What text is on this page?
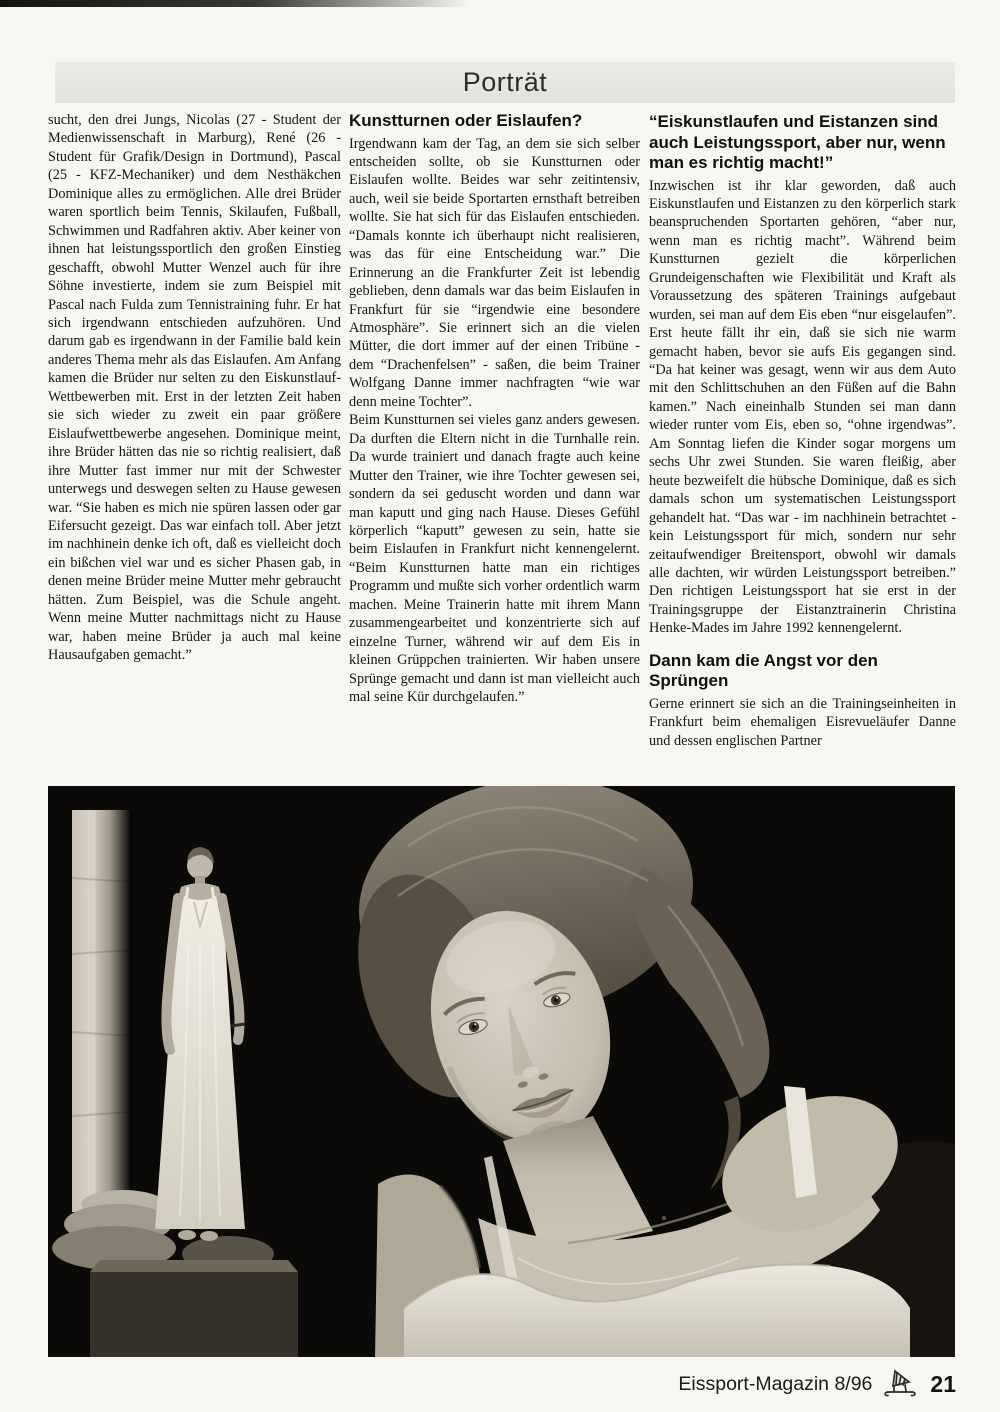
Porträt

sucht, den drei Jungs, Nicolas (27 - Student der Medienwissenschaft in Marburg), René (26 - Student für Grafik/Design in Dortmund), Pascal (25 - KFZ-Mechaniker) und dem Nesthäkchen Dominique alles zu ermöglichen. Alle drei Brüder waren sportlich beim Tennis, Skilaufen, Fußball, Schwimmen und Radfahren aktiv. Aber keiner von ihnen hat leistungssportlich den großen Einstieg geschafft, obwohl Mutter Wenzel auch für ihre Söhne investierte, indem sie zum Beispiel mit Pascal nach Fulda zum Tennistraining fuhr. Er hat sich irgendwann entschieden aufzuhören. Und darum gab es irgendwann in der Familie bald kein anderes Thema mehr als das Eislaufen. Am Anfang kamen die Brüder nur selten zu den Eiskunstlauf-Wettbewerben mit. Erst in der letzten Zeit haben sie sich wieder zu zweit ein paar größere Eislaufwettbewerbe angesehen. Dominique meint, ihre Brüder hätten das nie so richtig realisiert, daß ihre Mutter fast immer nur mit der Schwester unterwegs und deswegen selten zu Hause gewesen war. “Sie haben es mich nie spüren lassen oder gar Eifersucht gezeigt. Das war einfach toll. Aber jetzt im nachhinein denke ich oft, daß es vielleicht doch ein bißchen viel war und es sicher Phasen gab, in denen meine Brüder meine Mutter mehr gebraucht hätten. Zum Beispiel, was die Schule angeht. Wenn meine Mutter nachmittags nicht zu Hause war, haben meine Brüder ja auch mal keine Hausaufgaben gemacht.”

Kunstturnen oder Eislaufen?

Irgendwann kam der Tag, an dem sie sich selber entscheiden sollte, ob sie Kunstturnen oder Eislaufen wollte. Beides war sehr zeitintensiv, auch, weil sie beide Sportarten ernsthaft betreiben wollte. Sie hat sich für das Eislaufen entschieden. “Damals konnte ich überhaupt nicht realisieren, was das für eine Entscheidung war.” Die Erinnerung an die Frankfurter Zeit ist lebendig geblieben, denn damals war das beim Eislaufen in Frankfurt für sie “irgendwie eine besondere Atmosphäre”. Sie erinnert sich an die vielen Mütter, die dort immer auf der einen Tribüne - dem “Drachenfelsen” - saßen, die beim Trainer Wolfgang Danne immer nachfragten “wie war denn meine Tochter”.

Beim Kunstturnen sei vieles ganz anders gewesen. Da durften die Eltern nicht in die Turnhalle rein. Da wurde trainiert und danach fragte auch keine Mutter den Trainer, wie ihre Tochter gewesen sei, sondern da sei geduscht worden und dann war man kaputt und ging nach Hause. Dieses Gefühl körperlich “kaputt” gewesen zu sein, hatte sie beim Eislaufen in Frankfurt nicht kennengelernt. “Beim Kunstturnen hatte man ein richtiges Programm und mußte sich vorher ordentlich warm machen. Meine Trainerin hatte mit ihrem Mann zusammengearbeitet und konzentrierte sich auf einzelne Turner, während wir auf dem Eis in kleinen Grüppchen trainierten. Wir haben unsere Sprünge gemacht und dann ist man vielleicht auch mal seine Kür durchgelaufen.”

“Eiskunstlaufen und Eistanzen sind auch Leistungssport, aber nur, wenn man es richtig macht!”

Inzwischen ist ihr klar geworden, daß auch Eiskunstlaufen und Eistanzen zu den körperlich stark beanspruchenden Sportarten gehören, “aber nur, wenn man es richtig macht”. Während beim Kunstturnen gezielt die körperlichen Grundeigenschaften wie Flexibilität und Kraft als Voraussetzung des späteren Trainings aufgebaut wurden, sei man auf dem Eis eben “nur eisgelaufen”. Erst heute fällt ihr ein, daß sie sich nie warm gemacht haben, bevor sie aufs Eis gegangen sind. “Da hat keiner was gesagt, wenn wir aus dem Auto mit den Schlittschuhen an den Füßen auf die Bahn kamen.” Nach eineinhalb Stunden sei man dann wieder runter vom Eis, eben so, “ohne irgendwas”. Am Sonntag liefen die Kinder sogar morgens um sechs Uhr zwei Stunden. Sie waren fleißig, aber heute bezweifelt die hübsche Dominique, daß es sich damals schon um systematischen Leistungssport gehandelt hat. “Das war - im nachhinein betrachtet - kein Leistungssport für mich, sondern nur sehr zeitaufwendiger Breitensport, obwohl wir damals alle dachten, wir würden Leistungssport betreiben.” Den richtigen Leistungssport hat sie erst in der Trainingsgruppe der Eistanztrainerin Christina Henke-Mades im Jahre 1992 kennengelernt.

Dann kam die Angst vor den Sprüngen

Gerne erinnert sie sich an die Trainingseinheiten in Frankfurt beim ehemaligen Eisrevueläufer Danne und dessen englischen Partner

Eissport-Magazin 8/96	21
